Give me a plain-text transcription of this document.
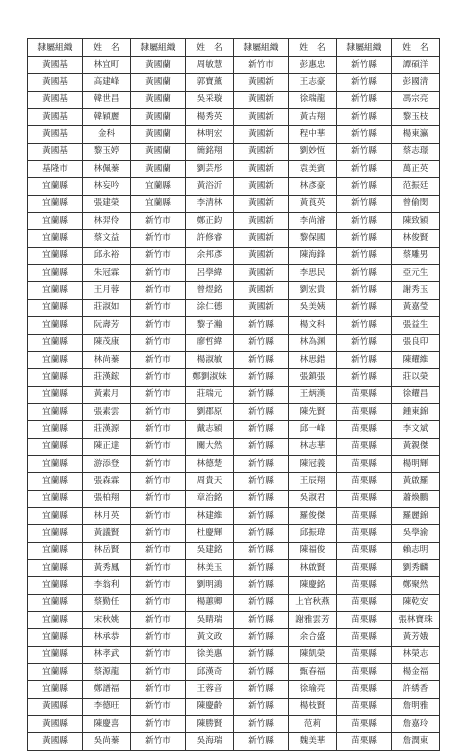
隸屬組織	姓　名	隸屬組織	姓　名	隸屬組織	姓　名	隸屬組織	姓　名
黃國基	林宜町	黃國蘭	周敏慧	新竹市	彭惠忠	新竹縣	譚碩洋
黃國基	高建峰	黃國蘭	郭寶薰	黃國新	王志豪	新竹縣	彭國清
黃國基	韓世昌	黃國蘭	吳采璇	黃國新	徐瑞龍	新竹縣	馮宗亮
黃國基	韓穎麗	黃國蘭	楊秀英	黃國新	黃古翔	新竹縣	黎玉枝
黃國基	金科	黃國蘭	林明宏	黃國新	程中華	新竹縣	楊東瀛
黃國基	黎玉婷	黃國蘭	簡銘翔	黃國新	劉妙恆	新竹縣	蔡志璟
基隆市	林佩蓁	黃國蘭	劉芸彤	黃國新	袁美賓	新竹縣	萬正英
宜蘭縣	林妄吟	宜蘭縣	黃浴沂	黃國新	林彥豪	新竹縣	范振廷
宜蘭縣	張建榮	宜蘭縣	李清林	黃國新	黃莨英	新竹縣	曾偷閔
宜蘭縣	林羿伶	新竹市	鄭正鈞	黃國新	李尚濬	新竹縣	陳致穎
宜蘭縣	蔡文益	新竹市	許修睿	黃國新	黎保國	新竹縣	林俊賢
宜蘭縣	邱永裕	新竹市	余邦彥	黃國新	陳海鋒	新竹縣	蔡雕男
宜蘭縣	朱冠霖	新竹市	呂學緯	黃國新	李思民	新竹縣	亞元生
宜蘭縣	王月蓉	新竹市	曾煜銘	黃國新	劉宏貴	新竹縣	謝秀玉
宜蘭縣	莊淑如	新竹市	涂仁德	黃國新	吳美姨	新竹縣	黃嘉瑩
宜蘭縣	阮壽芳	新竹市	黎子瀚	新竹縣	楊文科	新竹縣	張益生
宜蘭縣	陳茂康	新竹市	廖哲緯	新竹縣	林為渊	新竹縣	張良印
宜蘭縣	林尚蓁	新竹市	楊淑敏	新竹縣	林思錯	新竹縣	陳耀維
宜蘭縣	莊漢鋐	新竹市	鄭劉淑妹	新竹縣	張鎮張	新竹縣	莊以榮
宜蘭縣	黃素月	新竹市	莊瑞元	新竹縣	王炳漢	苗栗縣	徐耀昌
宜蘭縣	張素雲	新竹市	劉郡原	新竹縣	陳先賢	苗栗縣	鍾東錦
宜蘭縣	莊漢源	新竹市	戴志穎	新竹縣	邱一峰	苗栗縣	李文斌
宜蘭縣	陳正達	新竹市	關大然	新竹縣	林志華	苗栗縣	黃親傑
宜蘭縣	游添登	新竹市	林德楚	新竹縣	陳冠義	苗栗縣	楊明輝
宜蘭縣	張森霖	新竹市	周貴天	新竹縣	王辰翔	苗栗縣	黃啟羅
宜蘭縣	張柏翔	新竹市	章治銘	新竹縣	吳淑君	苗栗縣	蕭煥鵬
宜蘭縣	林月英	新竹市	林建維	新竹縣	羅俊傑	苗栗縣	羅麗錦
宜蘭縣	黃議賢	新竹市	杜慶輝	新竹縣	邱振瑋	苗栗縣	吳學渝
宜蘭縣	林岳賢	新竹市	吳建銘	新竹縣	陳福俊	苗栗縣	賴志明
宜蘭縣	黃秀鳳	新竹市	林美玉	新竹縣	林啟賢	苗栗縣	劉秀麟
宜蘭縣	李翁利	新竹市	劉明鴻	新竹縣	陳慶銘	苗栗縣	鄭聚然
宜蘭縣	蔡勤任	新竹市	楊蕙卿	新竹縣	上官秋燕	苗栗縣	陳乾安
宜蘭縣	宋秋姚	新竹市	吳睛瑞	新竹縣	謝雅雲芳	苗栗縣	張林寶珠
宜蘭縣	林承恭	新竹市	黃文政	新竹縣	余合盛	苗栗縣	黃芳娥
宜蘭縣	林孝武	新竹市	徐美惠	新竹縣	陳凱榮	苗栗縣	林榮志
宜蘭縣	蔡源龍	新竹市	邱漢奇	新竹縣	甄春福	苗栗縣	楊金福
宜蘭縣	鄭譜福	新竹市	王蓉音	新竹縣	徐瑜亮	苗栗縣	許綉香
黃國縣	李德旺	新竹市	陳慶齡	新竹縣	楊枝賢	苗栗縣	詹明雅
黃國縣	陳慶喜	新竹市	陳勝賢	新竹縣	范莉	苗栗縣	詹嘉玲
黃國縣	吳尚蓁	新竹市	吳海瑞	新竹縣	魏美華	苗栗縣	詹潤東
